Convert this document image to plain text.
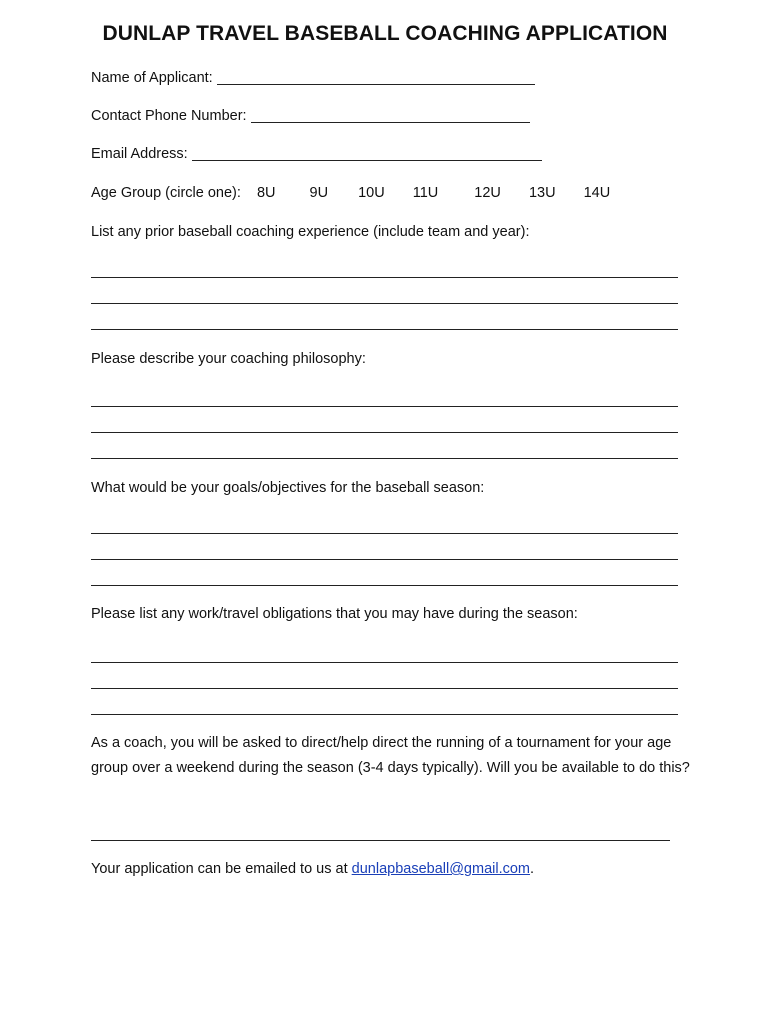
DUNLAP TRAVEL BASEBALL COACHING APPLICATION
Name of Applicant:
Contact Phone Number:
Email Address:
Age Group (circle one): 8U 9U 10U 11U 12U 13U 14U
List any prior baseball coaching experience (include team and year):
Please describe your coaching philosophy:
What would be your goals/objectives for the baseball season:
Please list any work/travel obligations that you may have during the season:
As a coach, you will be asked to direct/help direct the running of a tournament for your age group over a weekend during the season (3-4 days typically). Will you be available to do this?
Your application can be emailed to us at dunlapbaseball@gmail.com.
